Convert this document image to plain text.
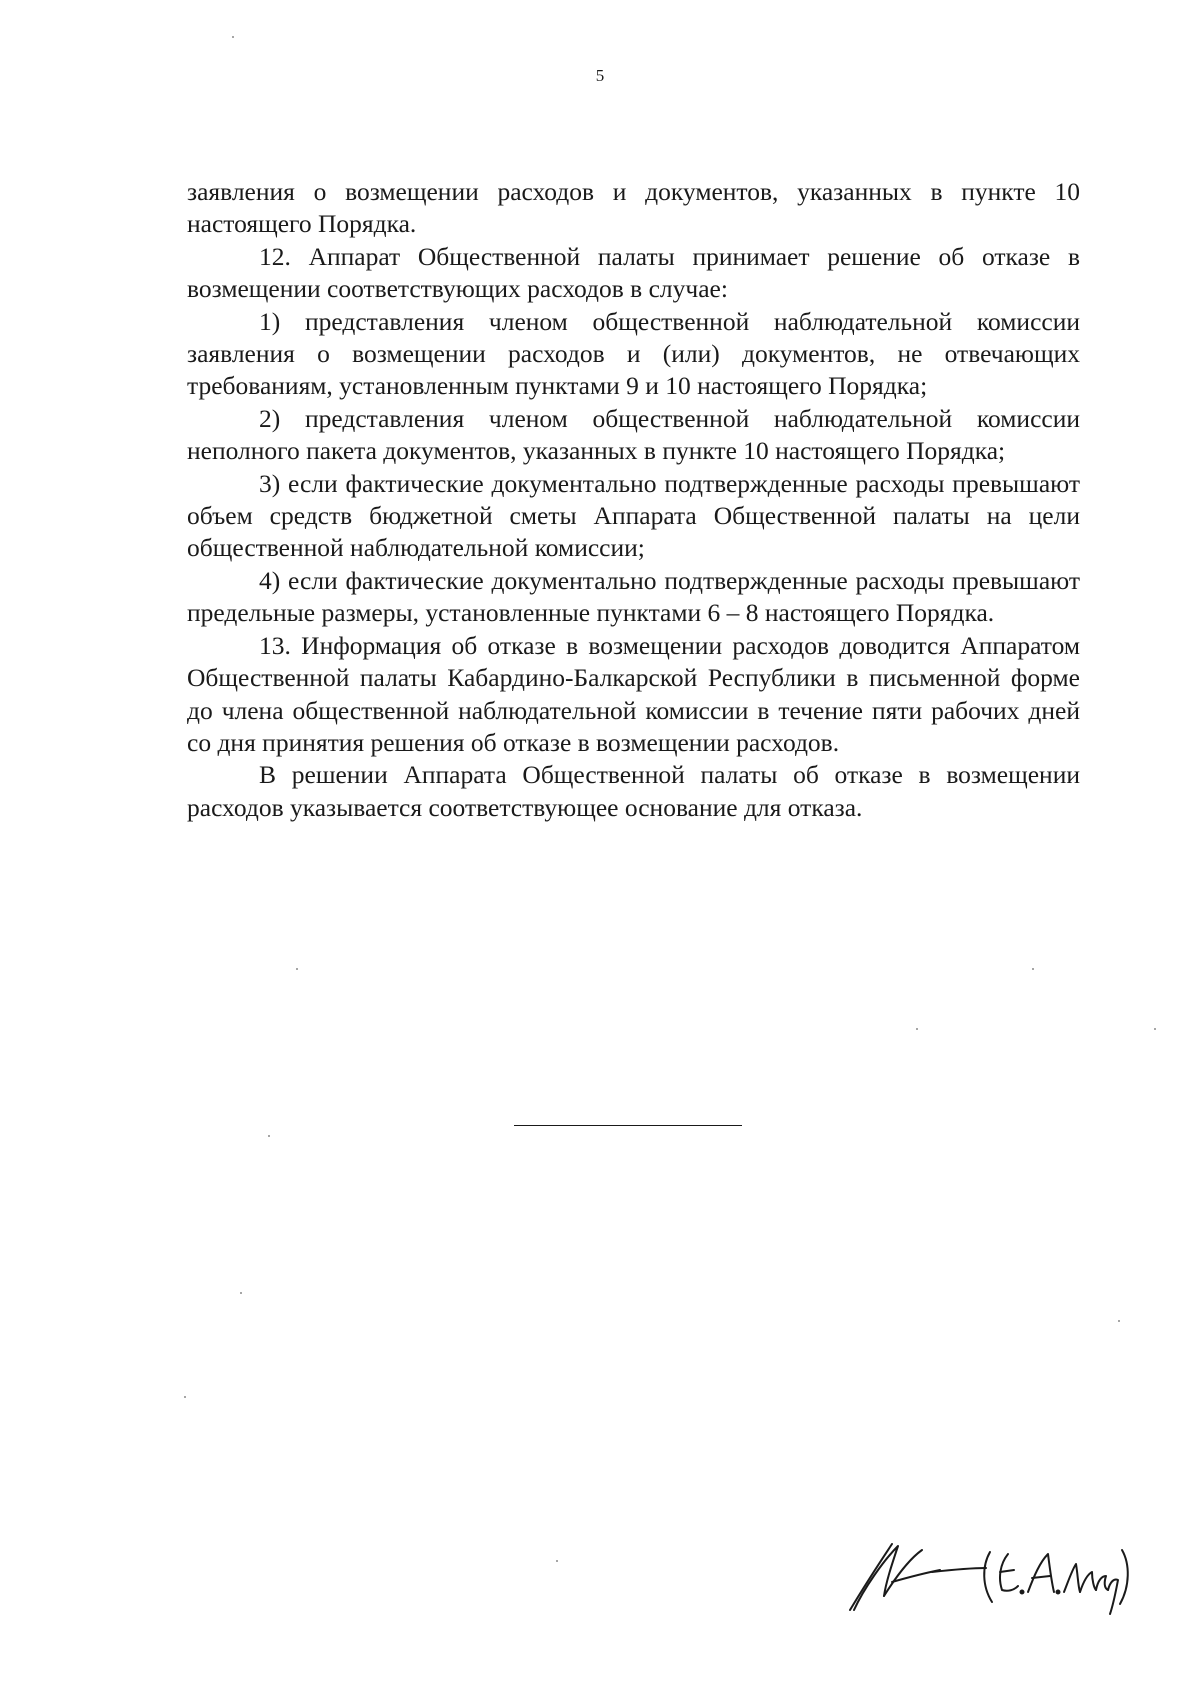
5

заявления о возмещении расходов и документов, указанных в пункте 10 настоящего Порядка.

12. Аппарат Общественной палаты принимает решение об отказе в возмещении соответствующих расходов в случае:

1) представления членом общественной наблюдательной комиссии заявления о возмещении расходов и (или) документов, не отвечающих требованиям, установленным пунктами 9 и 10 настоящего Порядка;

2) представления членом общественной наблюдательной комиссии неполного пакета документов, указанных в пункте 10 настоящего Порядка;

3) если фактические документально подтвержденные расходы превышают объем средств бюджетной сметы Аппарата Общественной палаты на цели общественной наблюдательной комиссии;

4) если фактические документально подтвержденные расходы превышают предельные размеры, установленные пунктами 6 – 8 настоящего Порядка.

13. Информация об отказе в возмещении расходов доводится Аппаратом Общественной палаты Кабардино-Балкарской Республики в письменной форме до члена общественной наблюдательной комиссии в течение пяти рабочих дней со дня принятия решения об отказе в возмещении расходов.

В решении Аппарата Общественной палаты об отказе в возмещении расходов указывается соответствующее основание для отказа.
